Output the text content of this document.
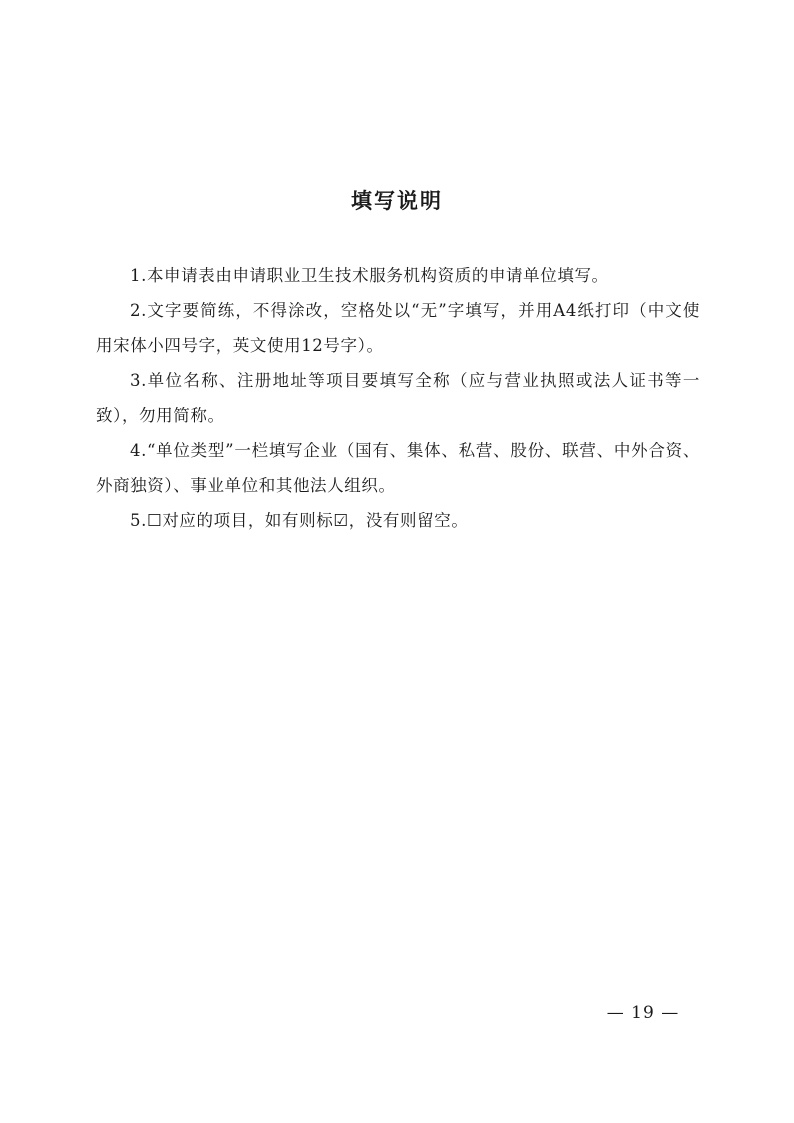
填写说明

1.本申请表由申请职业卫生技术服务机构资质的申请单位填写。

2.文字要简练，不得涂改，空格处以“无”字填写，并用A4纸打印（中文使用宋体小四号字，英文使用12号字）。

3.单位名称、注册地址等项目要填写全称（应与营业执照或法人证书等一致），勿用简称。

4.“单位类型”一栏填写企业（国有、集体、私营、股份、联营、中外合资、外商独资）、事业单位和其他法人组织。

5.☐对应的项目，如有则标☑，没有则留空。

— 19 —
